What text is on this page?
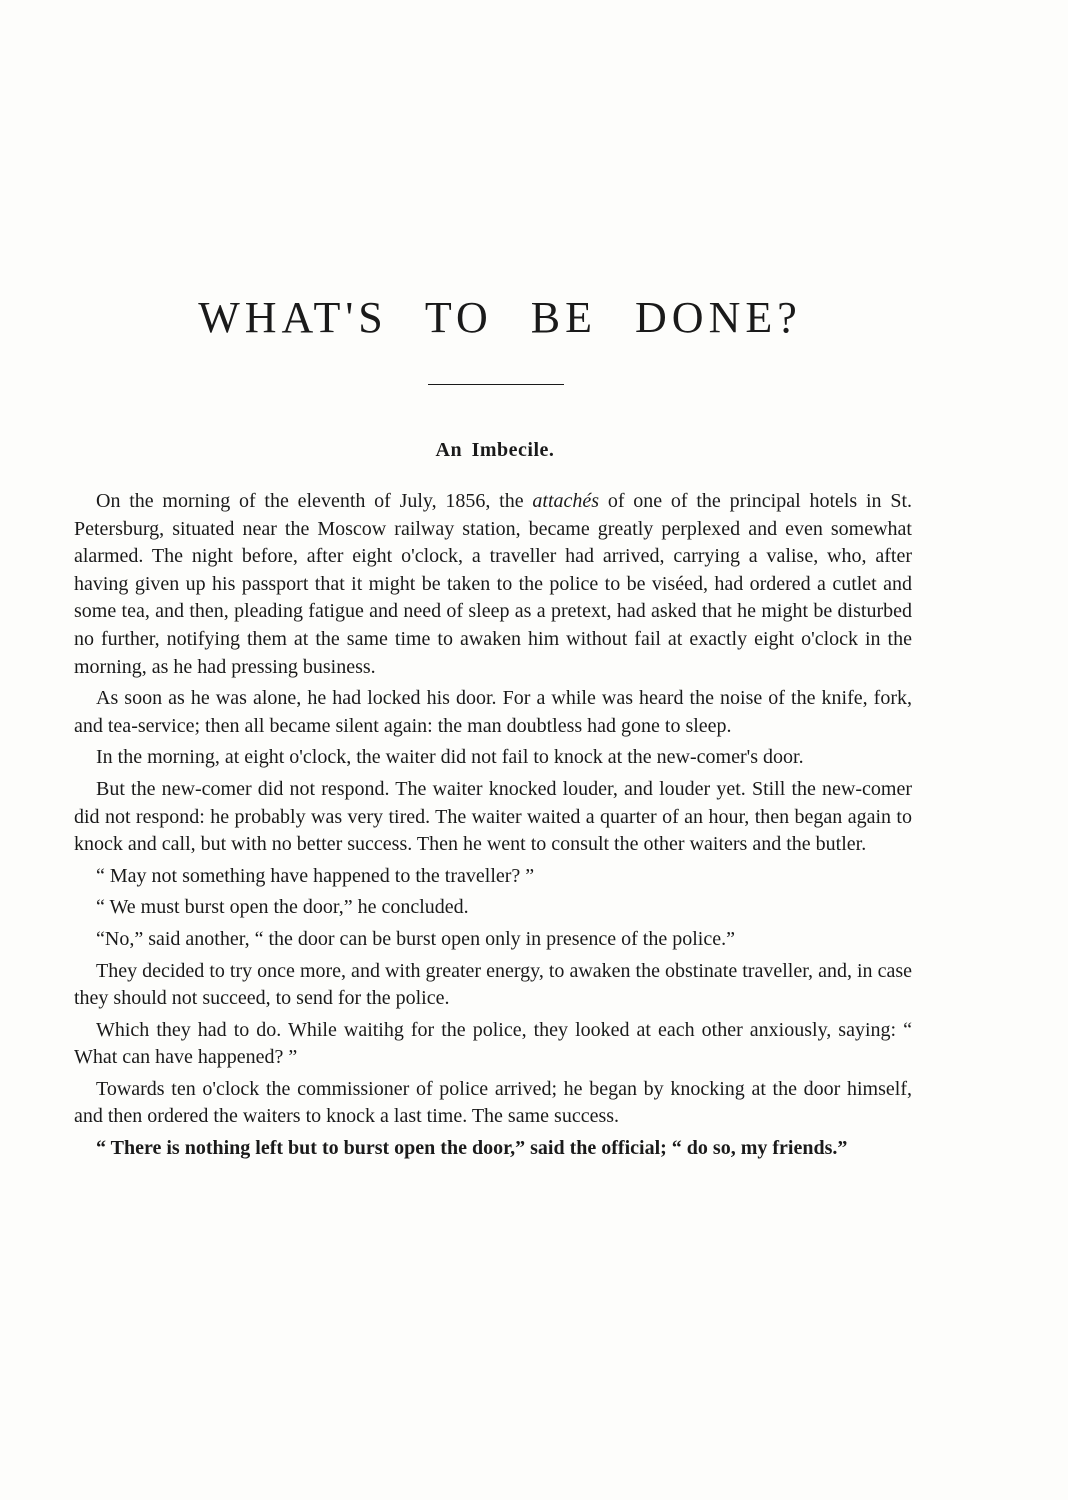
WHAT'S TO BE DONE?
An Imbecile.

On the morning of the eleventh of July, 1856, the attachés of one of the principal hotels in St. Petersburg, situated near the Moscow railway station, became greatly perplexed and even somewhat alarmed. The night before, after eight o'clock, a traveller had arrived, carrying a valise, who, after having given up his passport that it might be taken to the police to be viséed, had ordered a cutlet and some tea, and then, pleading fatigue and need of sleep as a pretext, had asked that he might be disturbed no further, notifying them at the same time to awaken him without fail at exactly eight o'clock in the morning, as he had pressing business.

As soon as he was alone, he had locked his door. For a while was heard the noise of the knife, fork, and tea-service; then all became silent again: the man doubtless had gone to sleep.

In the morning, at eight o'clock, the waiter did not fail to knock at the new-comer's door.

But the new-comer did not respond. The waiter knocked louder, and louder yet. Still the new-comer did not respond: he probably was very tired. The waiter waited a quarter of an hour, then began again to knock and call, but with no better success. Then he went to consult the other waiters and the butler.

“ May not something have happened to the traveller? ”

“ We must burst open the door,” he concluded.

“No,” said another, “ the door can be burst open only in presence of the police.”

They decided to try once more, and with greater energy, to awaken the obstinate traveller, and, in case they should not succeed, to send for the police.

Which they had to do. While waitihg for the police, they looked at each other anxiously, saying: “ What can have happened? ”

Towards ten o'clock the commissioner of police arrived; he began by knocking at the door himself, and then ordered the waiters to knock a last time. The same success.

“ There is nothing left but to burst open the door,” said the official; “ do so, my friends.”
